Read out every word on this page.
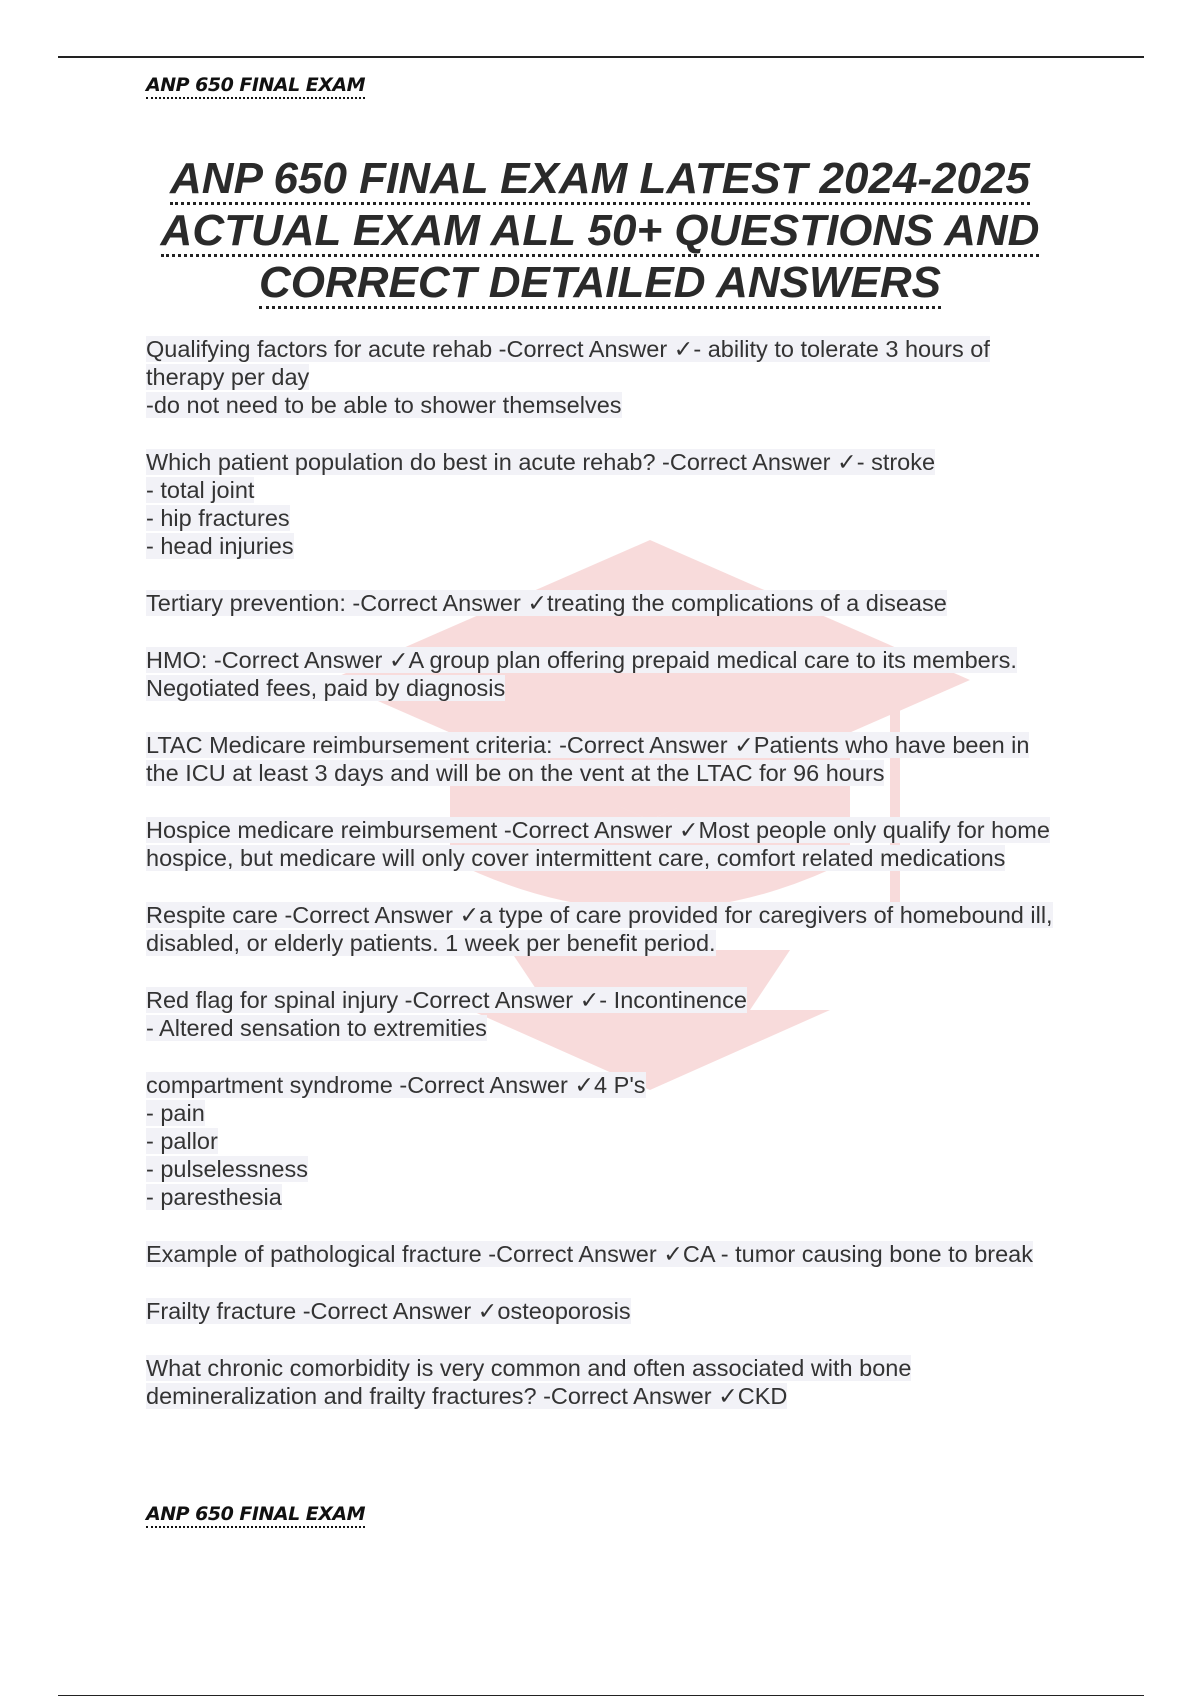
ANP 650 FINAL EXAM
ANP 650 FINAL EXAM LATEST 2024-2025
ACTUAL EXAM ALL 50+ QUESTIONS AND
CORRECT DETAILED ANSWERS
Qualifying factors for acute rehab -Correct Answer ✓- ability to tolerate 3 hours of
therapy per day
-do not need to be able to shower themselves
Which patient population do best in acute rehab? -Correct Answer ✓- stroke
- total joint
- hip fractures
- head injuries
Tertiary prevention: -Correct Answer ✓treating the complications of a disease
HMO: -Correct Answer ✓A group plan offering prepaid medical care to its members.
Negotiated fees, paid by diagnosis
LTAC Medicare reimbursement criteria: -Correct Answer ✓Patients who have been in
the ICU at least 3 days and will be on the vent at the LTAC for 96 hours
Hospice medicare reimbursement -Correct Answer ✓Most people only qualify for home
hospice, but medicare will only cover intermittent care, comfort related medications
Respite care -Correct Answer ✓a type of care provided for caregivers of homebound ill,
disabled, or elderly patients. 1 week per benefit period.
Red flag for spinal injury -Correct Answer ✓- Incontinence
- Altered sensation to extremities
compartment syndrome -Correct Answer ✓4 P's
- pain
- pallor
- pulselessness
- paresthesia
Example of pathological fracture -Correct Answer ✓CA - tumor causing bone to break
Frailty fracture -Correct Answer ✓osteoporosis
What chronic comorbidity is very common and often associated with bone
demineralization and frailty fractures? -Correct Answer ✓CKD
ANP 650 FINAL EXAM
